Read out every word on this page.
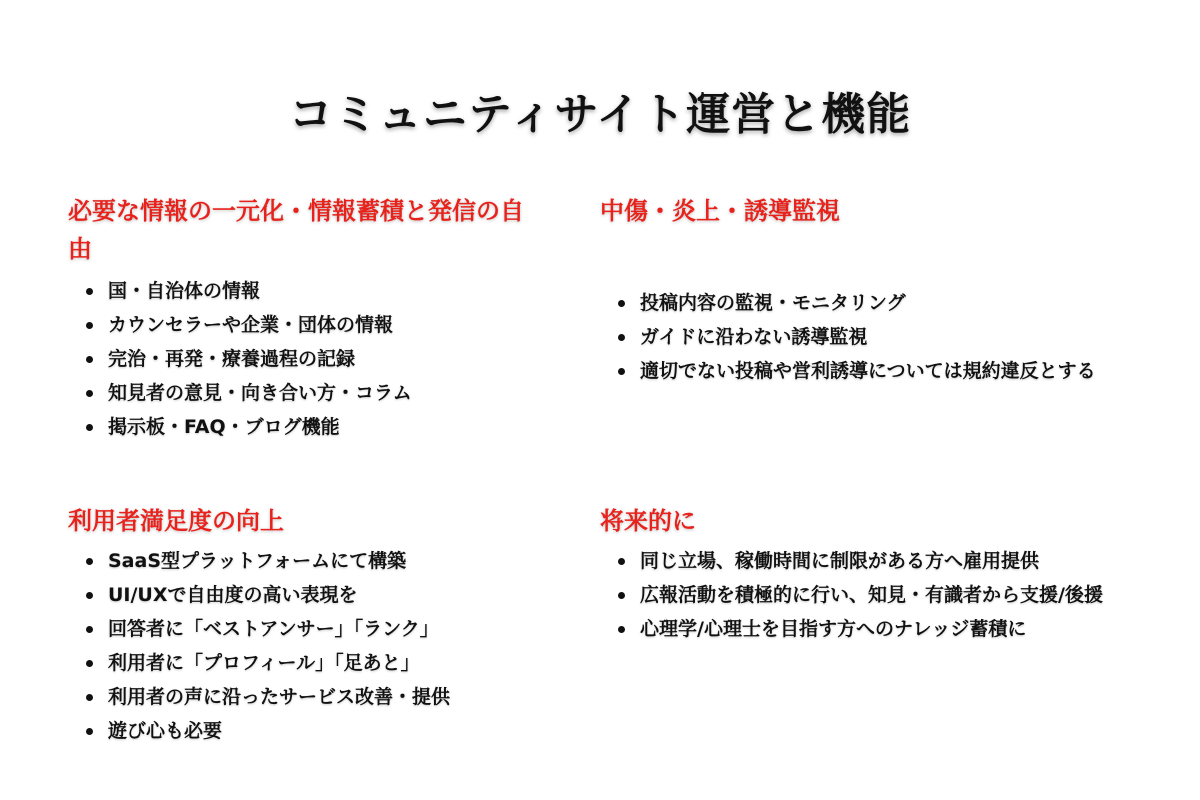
コミュニティサイト運営と機能
必要な情報の一元化・情報蓄積と発信の自由
国・自治体の情報
カウンセラーや企業・団体の情報
完治・再発・療養過程の記録
知見者の意見・向き合い方・コラム
掲示板・FAQ・ブログ機能
中傷・炎上・誘導監視
投稿内容の監視・モニタリング
ガイドに沿わない誘導監視
適切でない投稿や営利誘導については規約違反とする
利用者満足度の向上
SaaS型プラットフォームにて構築
UI/UXで自由度の高い表現を
回答者に「ベストアンサー」「ランク」
利用者に「プロフィール」「足あと」
利用者の声に沿ったサービス改善・提供
遊び心も必要
将来的に
同じ立場、稼働時間に制限がある方へ雇用提供
広報活動を積極的に行い、知見・有識者から支援/後援
心理学/心理士を目指す方へのナレッジ蓄積に
